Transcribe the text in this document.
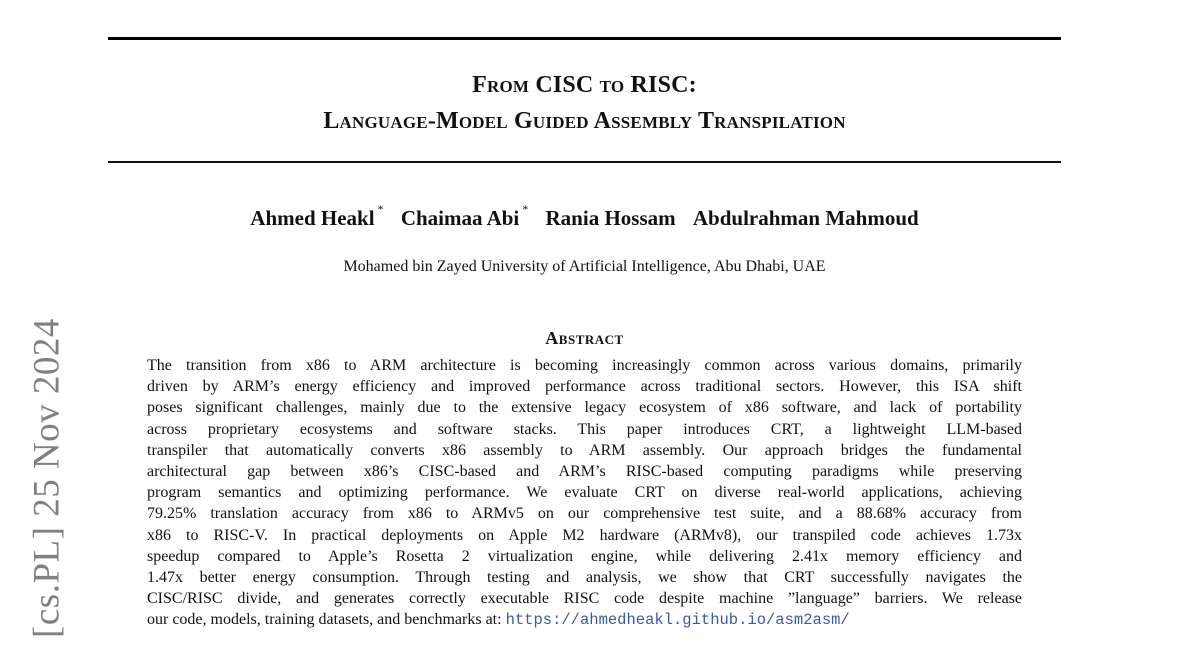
[cs.PL] 25 Nov 2024
From CISC to RISC:
Language-Model Guided Assembly Transpilation
Ahmed Heakl * Chaimaa Abi * Rania Hossam Abdulrahman Mahmoud
Mohamed bin Zayed University of Artificial Intelligence, Abu Dhabi, UAE
Abstract
The transition from x86 to ARM architecture is becoming increasingly common across various domains, primarily
driven by ARM’s energy efficiency and improved performance across traditional sectors. However, this ISA shift
poses significant challenges, mainly due to the extensive legacy ecosystem of x86 software, and lack of portability
across proprietary ecosystems and software stacks. This paper introduces CRT, a lightweight LLM-based
transpiler that automatically converts x86 assembly to ARM assembly. Our approach bridges the fundamental
architectural gap between x86’s CISC-based and ARM’s RISC-based computing paradigms while preserving
program semantics and optimizing performance. We evaluate CRT on diverse real-world applications, achieving
79.25% translation accuracy from x86 to ARMv5 on our comprehensive test suite, and a 88.68% accuracy from
x86 to RISC-V. In practical deployments on Apple M2 hardware (ARMv8), our transpiled code achieves 1.73x
speedup compared to Apple’s Rosetta 2 virtualization engine, while delivering 2.41x memory efficiency and
1.47x better energy consumption. Through testing and analysis, we show that CRT successfully navigates the
CISC/RISC divide, and generates correctly executable RISC code despite machine ”language” barriers. We release
our code, models, training datasets, and benchmarks at: https://ahmedheakl.github.io/asm2asm/
